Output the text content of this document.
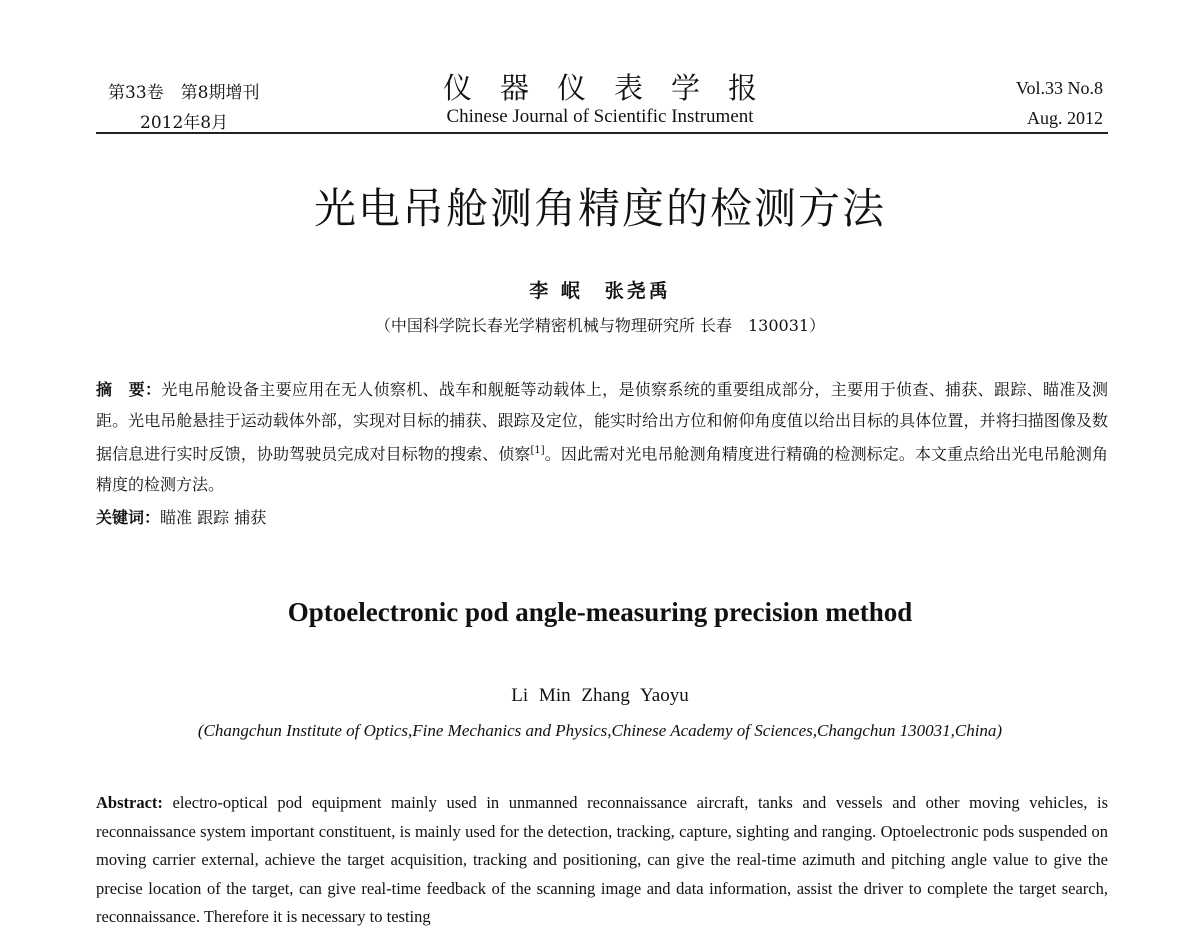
第33卷　第8期增刊
2012年8月
仪器仪表学报
Chinese Journal of Scientific Instrument
Vol.33 No.8
Aug. 2012
光电吊舱测角精度的检测方法
李 岷　张尧禹
（中国科学院长春光学精密机械与物理研究所 长春　130031）
摘　要：光电吊舱设备主要应用在无人侦察机、战车和舰艇等动载体上，是侦察系统的重要组成部分，主要用于侦查、捕获、跟踪、瞄准及测距。光电吊舱悬挂于运动载体外部，实现对目标的捕获、跟踪及定位，能实时给出方位和俯仰角度值以给出目标的具体位置，并将扫描图像及数据信息进行实时反馈，协助驾驶员完成对目标物的搜索、侦察[1]。因此需对光电吊舱测角精度进行精确的检测标定。本文重点给出光电吊舱测角精度的检测方法。
关键词：瞄准 跟踪 捕获
Optoelectronic pod angle-measuring precision method
Li Min Zhang Yaoyu
(Changchun Institute of Optics,Fine Mechanics and Physics,Chinese Academy of Sciences,Changchun 130031,China)
Abstract: electro-optical pod equipment mainly used in unmanned reconnaissance aircraft, tanks and vessels and other moving vehicles, is reconnaissance system important constituent, is mainly used for the detection, tracking, capture, sighting and ranging. Optoelectronic pods suspended on moving carrier external, achieve the target acquisition, tracking and positioning, can give the real-time azimuth and pitching angle value to give the precise location of the target, can give real-time feedback of the scanning image and data information, assist the driver to complete the target search, reconnaissance. Therefore it is necessary to testing
